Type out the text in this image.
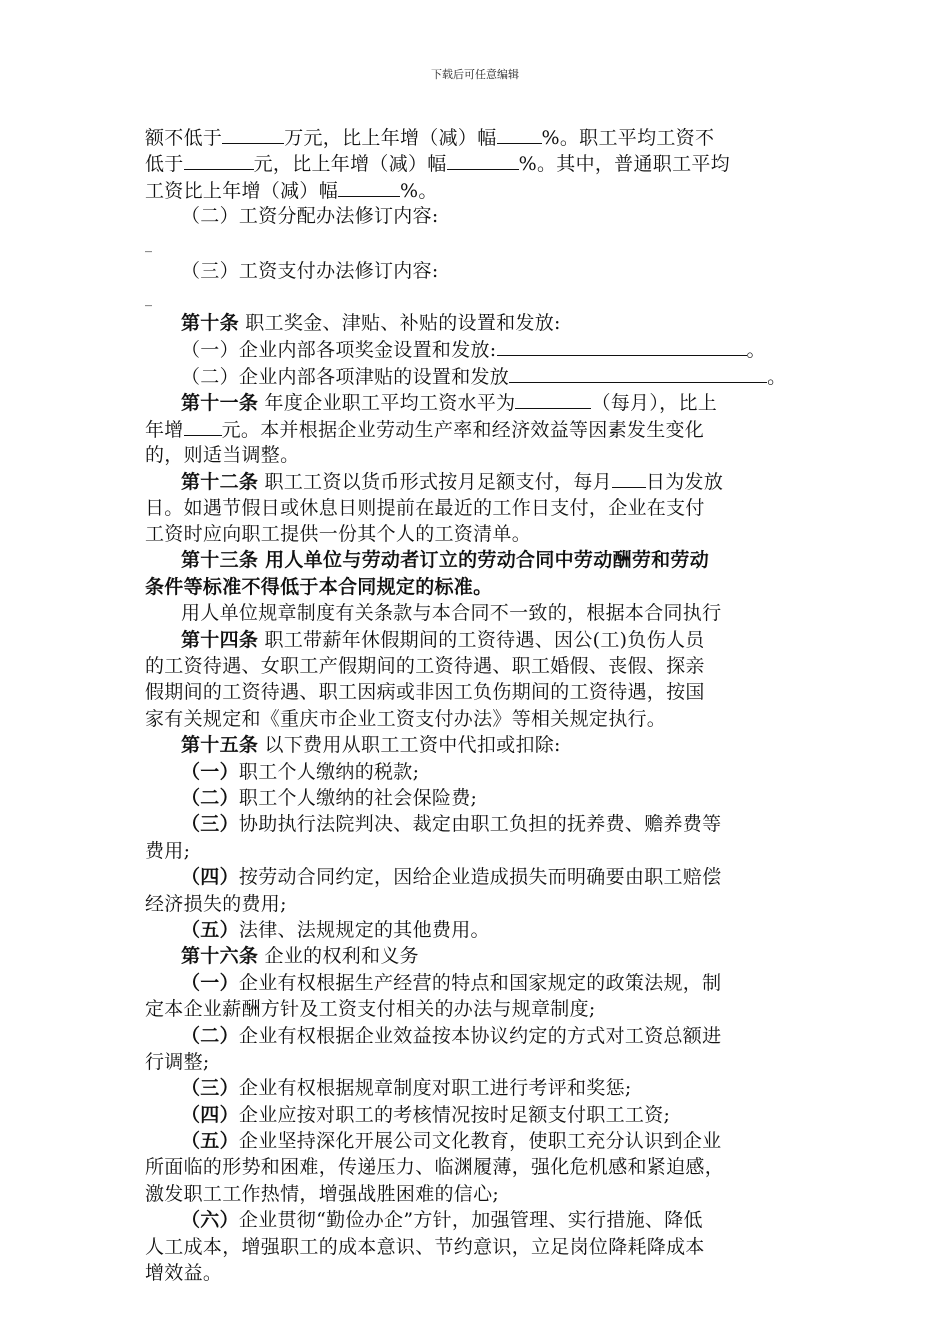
下载后可任意编辑
额不低于	万元，比上年增（减）幅 %。职工平均工资不
低于	元，比上年增（减）幅	%。其中，普通职工平均
工资比上年增（减）幅	%。
（二）工资分配办法修订内容:
_
（三）工资支付办法修订内容:
_
第十条 职工奖金、津贴、补贴的设置和发放:
（一）企业内部各项奖金设置和发放:	。
（二）企业内部各项津贴的设置和发放	。
第十一条 年度企业职工平均工资水平为	（每月），比上
年增 元。本并根据企业劳动生产率和经济效益等因素发生变化
的，则适当调整。
第十二条 职工工资以货币形式按月足额支付，每月 日为发放
日。如遇节假日或休息日则提前在最近的工作日支付，企业在支付
工资时应向职工提供一份其个人的工资清单。
第十三条 用人单位与劳动者订立的劳动合同中劳动酬劳和劳动
条件等标准不得低于本合同规定的标准。
用人单位规章制度有关条款与本合同不一致的，根据本合同执行
第十四条 职工带薪年休假期间的工资待遇、因公(工)负伤人员
的工资待遇、女职工产假期间的工资待遇、职工婚假、丧假、探亲
假期间的工资待遇、职工因病或非因工负伤期间的工资待遇，按国
家有关规定和《重庆市企业工资支付办法》等相关规定执行。
第十五条 以下费用从职工工资中代扣或扣除:
（一）职工个人缴纳的税款;
（二）职工个人缴纳的社会保险费;
（三）协助执行法院判决、裁定由职工负担的抚养费、赡养费等
费用;
（四）按劳动合同约定，因给企业造成损失而明确要由职工赔偿
经济损失的费用;
（五）法律、法规规定的其他费用。
第十六条 企业的权利和义务
（一）企业有权根据生产经营的特点和国家规定的政策法规，制
定本企业薪酬方针及工资支付相关的办法与规章制度;
（二）企业有权根据企业效益按本协议约定的方式对工资总额进
行调整;
（三）企业有权根据规章制度对职工进行考评和奖惩;
（四）企业应按对职工的考核情况按时足额支付职工工资;
（五）企业坚持深化开展公司文化教育，使职工充分认识到企业
所面临的形势和困难，传递压力、临渊履薄，强化危机感和紧迫感，
激发职工工作热情，增强战胜困难的信心;
（六）企业贯彻“勤俭办企”方针，加强管理、实行措施、降低
人工成本，增强职工的成本意识、节约意识，立足岗位降耗降成本
增效益。
